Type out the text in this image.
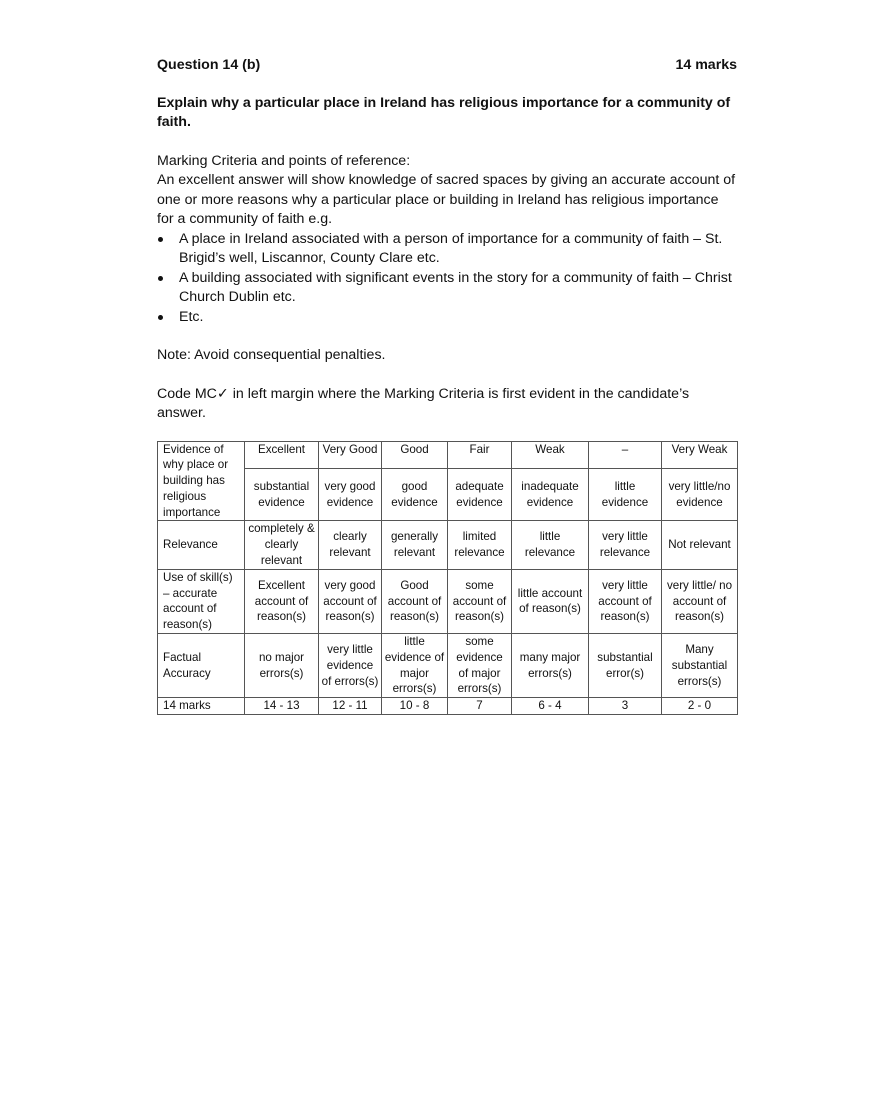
Question 14 (b)	14 marks
Explain why a particular place in Ireland has religious importance for a community of faith.
Marking Criteria and points of reference:
An excellent answer will show knowledge of sacred spaces by giving an accurate account of one or more reasons why a particular place or building in Ireland has religious importance for a community of faith e.g.
A place in Ireland associated with a person of importance for a community of faith – St. Brigid’s well, Liscannor, County Clare etc.
A building associated with significant events in the story for a community of faith – Christ Church Dublin etc.
Etc.
Note: Avoid consequential penalties.
Code MC✓ in left margin where the Marking Criteria is first evident in the candidate’s answer.
Evidence of why place or building has religious importance	Excellent	Very Good	Good	Fair	Weak	–	Very Weak
	substantial evidence	very good evidence	good evidence	adequate evidence	inadequate evidence	little evidence	very little/no evidence
Relevance	completely & clearly relevant	clearly relevant	generally relevant	limited relevance	little relevance	very little relevance	Not relevant
Use of skill(s) – accurate account of reason(s)	Excellent account of reason(s)	very good account of reason(s)	Good account of reason(s)	some account of reason(s)	little account of reason(s)	very little account of reason(s)	very little/ no account of reason(s)
Factual Accuracy	no major errors(s)	very little evidence of errors(s)	little evidence of major errors(s)	some evidence of major errors(s)	many major errors(s)	substantial error(s)	Many substantial errors(s)
14 marks	14 - 13	12 - 11	10 - 8	7	6 - 4	3	2 - 0
